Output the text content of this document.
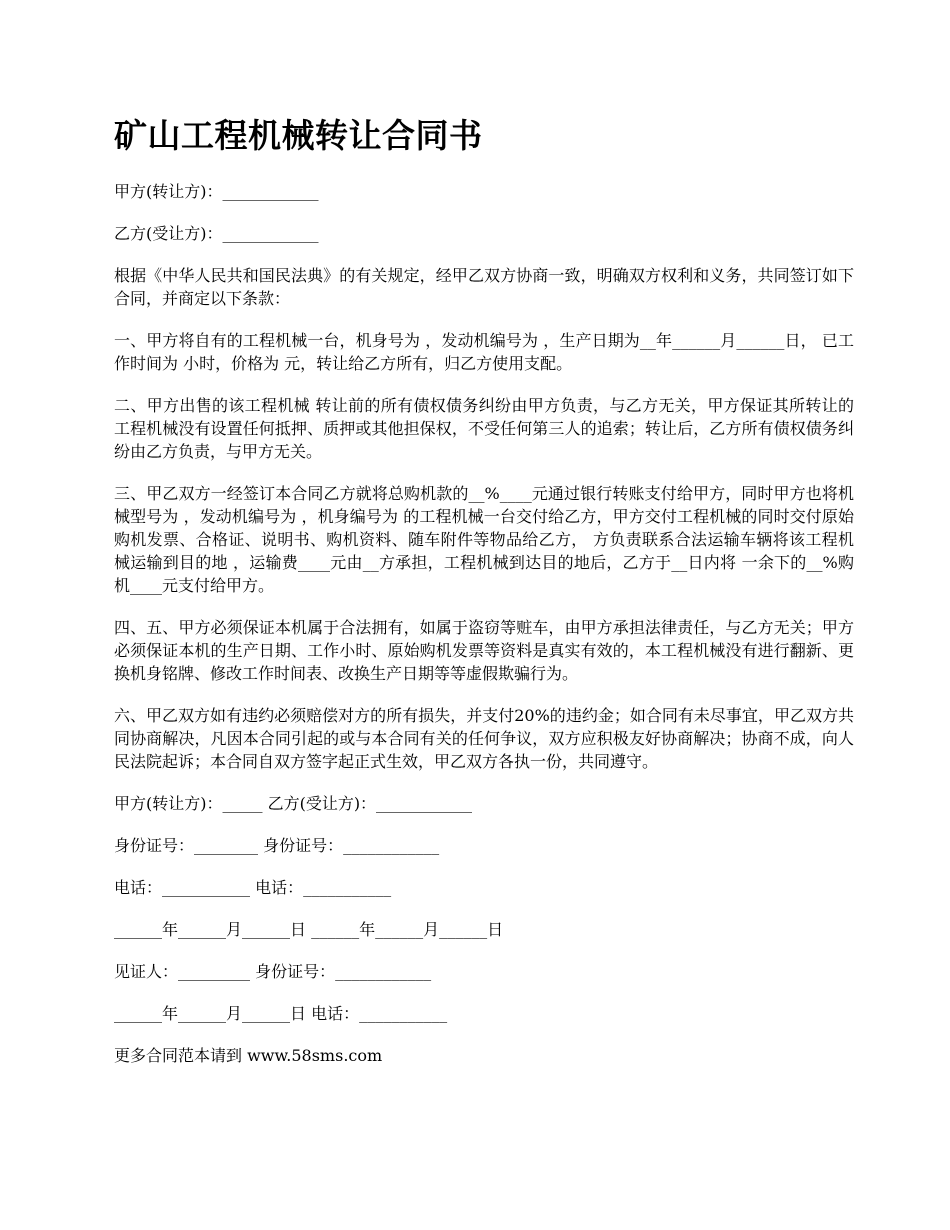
矿山工程机械转让合同书

甲方(转让方)：____________

乙方(受让方)：____________

根据《中华人民共和国民法典》的有关规定，经甲乙双方协商一致，明确双方权利和义务，共同签订如下合同，并商定以下条款：

一、甲方将自有的工程机械一台，机身号为 ，发动机编号为 ，生产日期为__年______月______日， 已工作时间为 小时，价格为 元，转让给乙方所有，归乙方使用支配。

二、甲方出售的该工程机械 转让前的所有债权债务纠纷由甲方负责，与乙方无关，甲方保证其所转让的工程机械没有设置任何抵押、质押或其他担保权，不受任何第三人的追索；转让后，乙方所有债权债务纠纷由乙方负责，与甲方无关。

三、甲乙双方一经签订本合同乙方就将总购机款的__%____元通过银行转账支付给甲方，同时甲方也将机械型号为 ，发动机编号为 ，机身编号为 的工程机械一台交付给乙方，甲方交付工程机械的同时交付原始购机发票、合格证、说明书、购机资料、随车附件等物品给乙方， 方负责联系合法运输车辆将该工程机械运输到目的地 ，运输费____元由__方承担，工程机械到达目的地后，乙方于__日内将 一余下的__%购机____元支付给甲方。

四、五、甲方必须保证本机属于合法拥有，如属于盗窃等赃车，由甲方承担法律责任，与乙方无关；甲方必须保证本机的生产日期、工作小时、原始购机发票等资料是真实有效的，本工程机械没有进行翻新、更换机身铭牌、修改工作时间表、改换生产日期等等虚假欺骗行为。

六、甲乙双方如有违约必须赔偿对方的所有损失，并支付20%的违约金；如合同有未尽事宜，甲乙双方共同协商解决，凡因本合同引起的或与本合同有关的任何争议，双方应积极友好协商解决；协商不成，向人民法院起诉；本合同自双方签字起正式生效，甲乙双方各执一份，共同遵守。

甲方(转让方)：_____ 乙方(受让方)：____________

身份证号：________ 身份证号：____________

电话：___________ 电话：___________

______年______月______日 ______年______月______日

见证人：_________ 身份证号：____________

______年______月______日 电话：___________

更多合同范本请到 www.58sms.com
